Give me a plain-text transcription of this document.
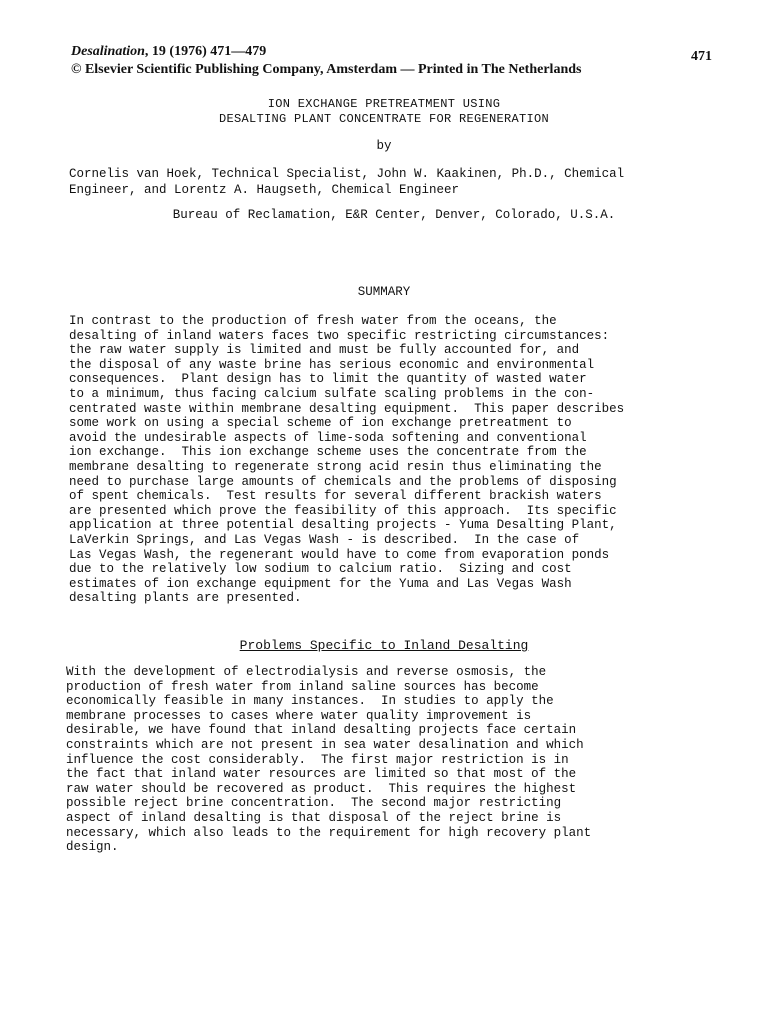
Desalination, 19 (1976) 471—479
© Elsevier Scientific Publishing Company, Amsterdam — Printed in The Netherlands
471
ION EXCHANGE PRETREATMENT USING
DESALTING PLANT CONCENTRATE FOR REGENERATION
by
Cornelis van Hoek, Technical Specialist, John W. Kaakinen, Ph.D., Chemical
Engineer, and Lorentz A. Haugseth, Chemical Engineer
Bureau of Reclamation, E&R Center, Denver, Colorado, U.S.A.
SUMMARY
In contrast to the production of fresh water from the oceans, the
desalting of inland waters faces two specific restricting circumstances:
the raw water supply is limited and must be fully accounted for, and
the disposal of any waste brine has serious economic and environmental
consequences.  Plant design has to limit the quantity of wasted water
to a minimum, thus facing calcium sulfate scaling problems in the con-
centrated waste within membrane desalting equipment.  This paper describes
some work on using a special scheme of ion exchange pretreatment to
avoid the undesirable aspects of lime-soda softening and conventional
ion exchange.  This ion exchange scheme uses the concentrate from the
membrane desalting to regenerate strong acid resin thus eliminating the
need to purchase large amounts of chemicals and the problems of disposing
of spent chemicals.  Test results for several different brackish waters
are presented which prove the feasibility of this approach.  Its specific
application at three potential desalting projects - Yuma Desalting Plant,
LaVerkin Springs, and Las Vegas Wash - is described.  In the case of
Las Vegas Wash, the regenerant would have to come from evaporation ponds
due to the relatively low sodium to calcium ratio.  Sizing and cost
estimates of ion exchange equipment for the Yuma and Las Vegas Wash
desalting plants are presented.
Problems Specific to Inland Desalting
With the development of electrodialysis and reverse osmosis, the
production of fresh water from inland saline sources has become
economically feasible in many instances.  In studies to apply the
membrane processes to cases where water quality improvement is
desirable, we have found that inland desalting projects face certain
constraints which are not present in sea water desalination and which
influence the cost considerably.  The first major restriction is in
the fact that inland water resources are limited so that most of the
raw water should be recovered as product.  This requires the highest
possible reject brine concentration.  The second major restricting
aspect of inland desalting is that disposal of the reject brine is
necessary, which also leads to the requirement for high recovery plant
design.
